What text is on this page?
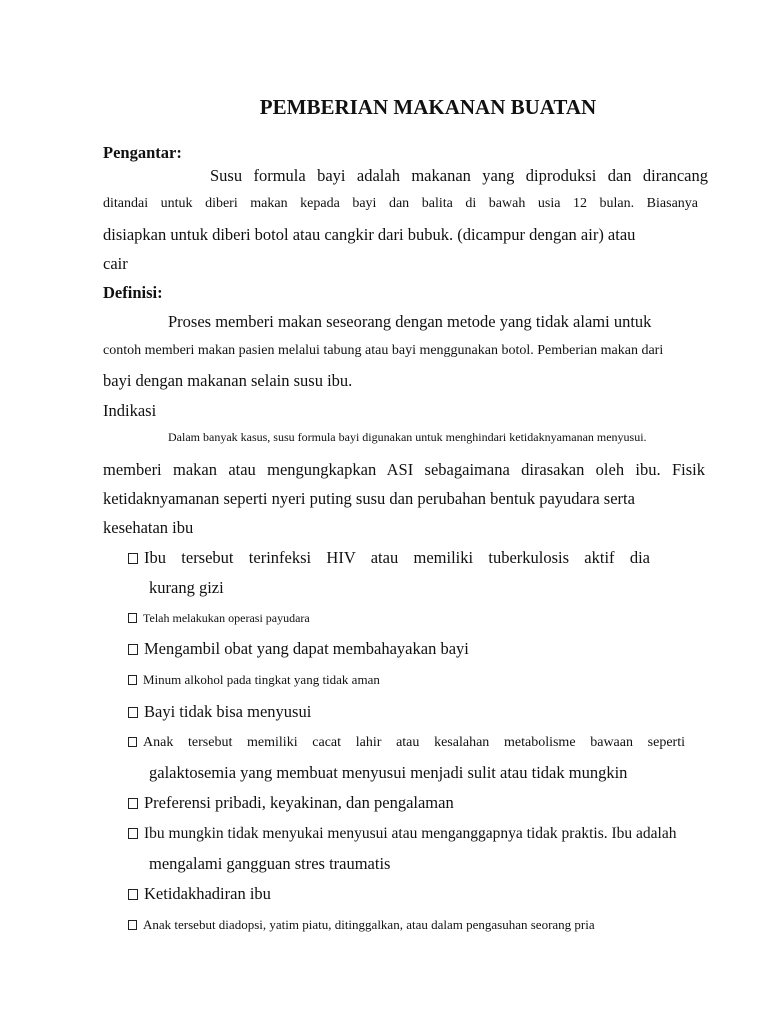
PEMBERIAN MAKANAN BUATAN
Pengantar:
Susu formula bayi adalah makanan yang diproduksi dan dirancang
ditandai untuk diberi makan kepada bayi dan balita di bawah usia 12 bulan. Biasanya
disiapkan untuk diberi botol atau cangkir dari bubuk. (dicampur dengan air) atau
cair
Definisi:
Proses memberi makan seseorang dengan metode yang tidak alami untuk
contoh memberi makan pasien melalui tabung atau bayi menggunakan botol. Pemberian makan dari
bayi dengan makanan selain susu ibu.
Indikasi
Dalam banyak kasus, susu formula bayi digunakan untuk menghindari ketidaknyamanan menyusui.
memberi makan atau mengungkapkan ASI sebagaimana dirasakan oleh ibu. Fisik
ketidaknyamanan seperti nyeri puting susu dan perubahan bentuk payudara serta
kesehatan ibu
Ibu tersebut terinfeksi HIV atau memiliki tuberkulosis aktif dia
kurang gizi
Telah melakukan operasi payudara
Mengambil obat yang dapat membahayakan bayi
Minum alkohol pada tingkat yang tidak aman
Bayi tidak bisa menyusui
Anak tersebut memiliki cacat lahir atau kesalahan metabolisme bawaan seperti
galaktosemia yang membuat menyusui menjadi sulit atau tidak mungkin
Preferensi pribadi, keyakinan, dan pengalaman
Ibu mungkin tidak menyukai menyusui atau menganggapnya tidak praktis. Ibu adalah
mengalami gangguan stres traumatis
Ketidakhadiran ibu
Anak tersebut diadopsi, yatim piatu, ditinggalkan, atau dalam pengasuhan seorang pria
